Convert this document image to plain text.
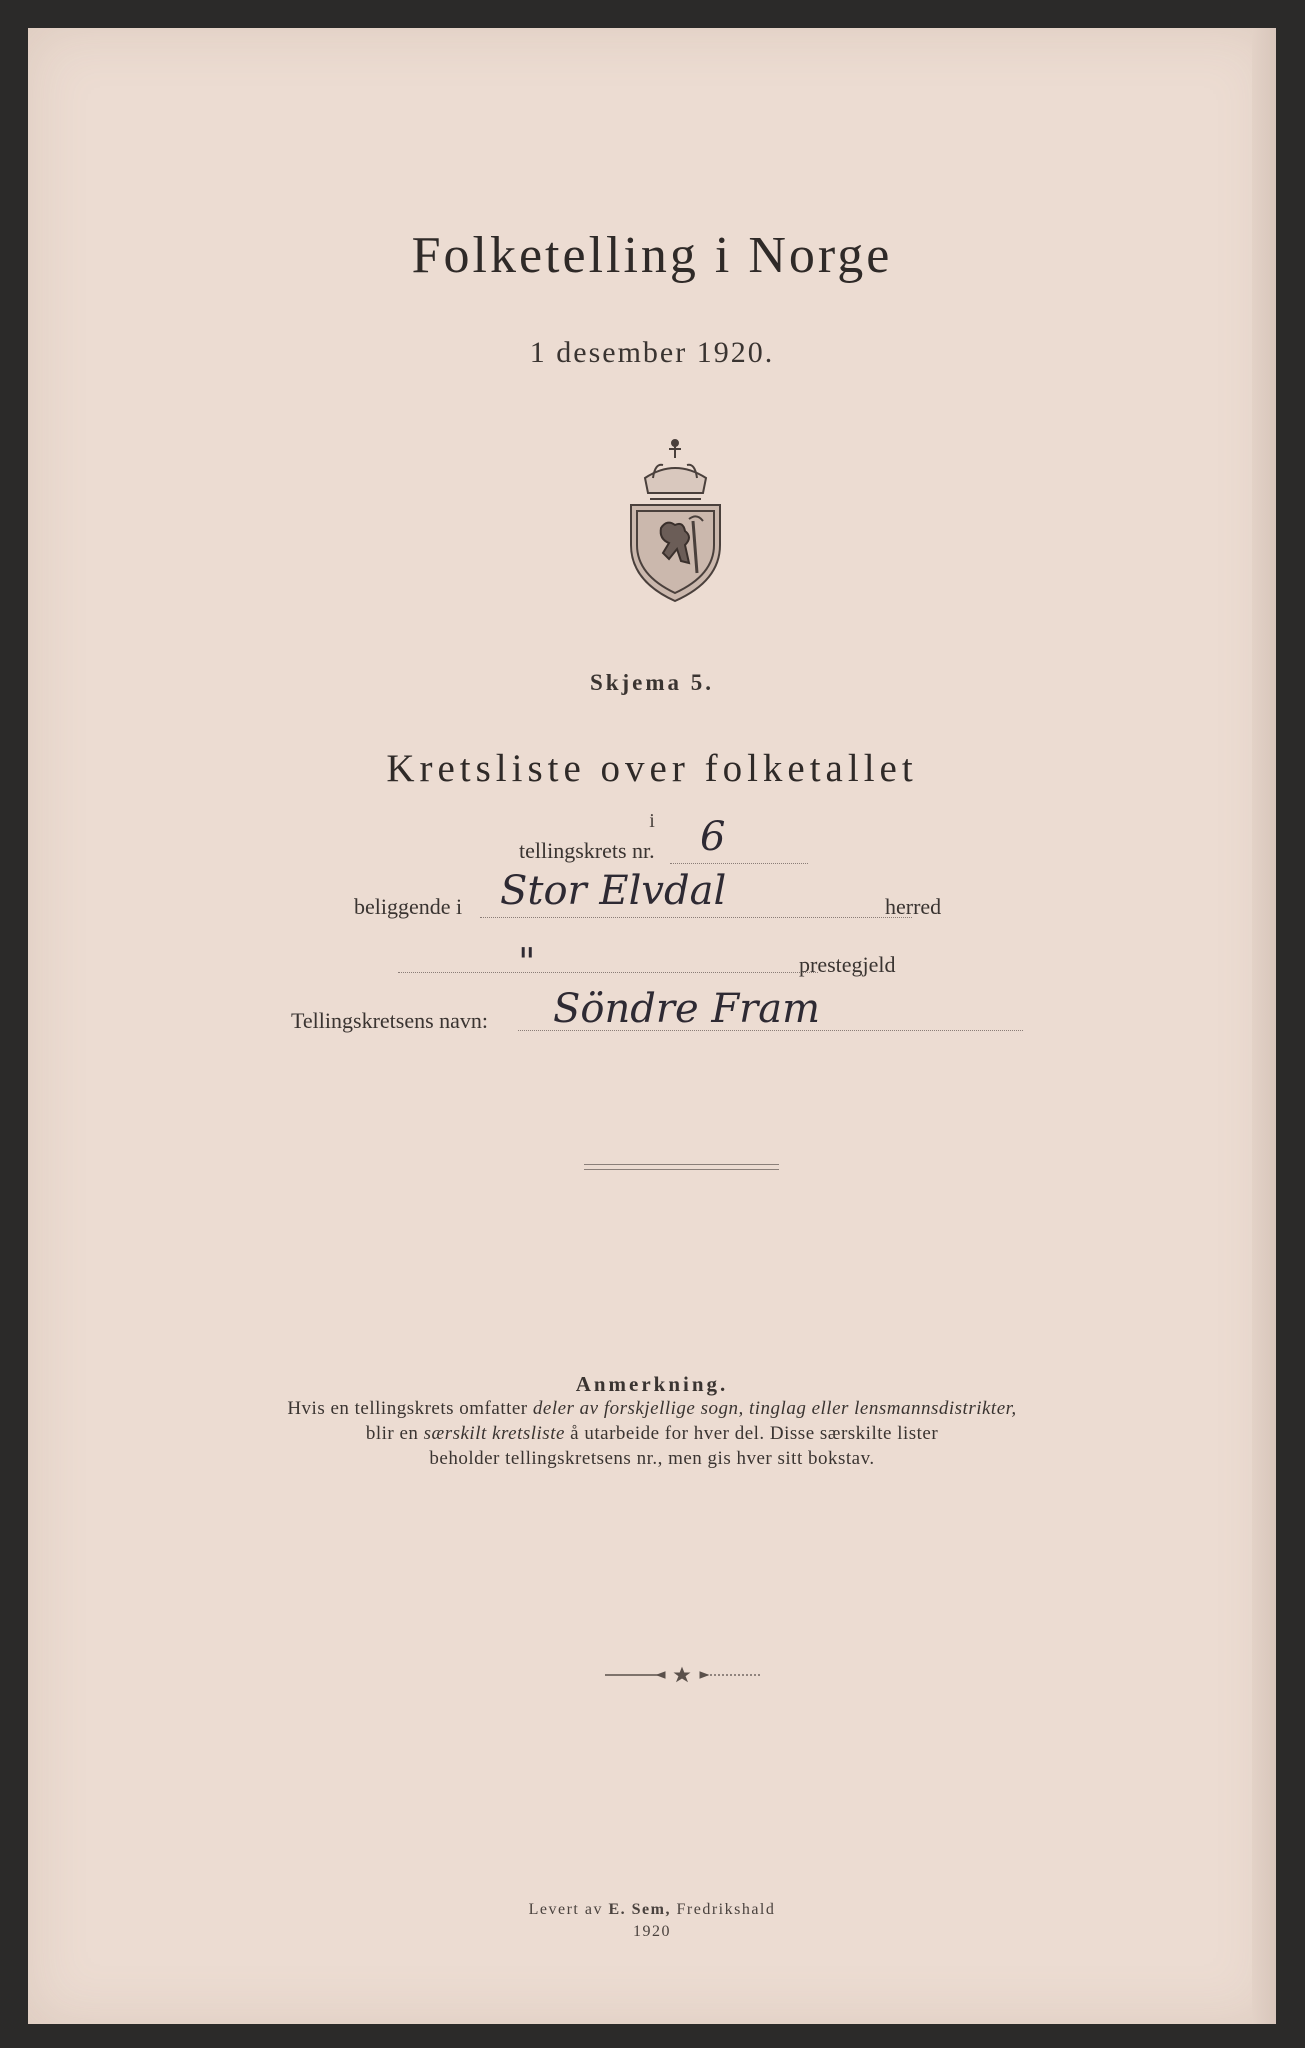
Folketelling i Norge
1 desember 1920.
Skjema 5.
Kretsliste over folketallet
i
tellingskrets nr. 6
beliggende i Stor Elvdal	herred
"	prestegjeld
Tellingskretsens navn: Söndre Fram
Anmerkning.
Hvis en tellingskrets omfatter deler av forskjellige sogn, tinglag eller lensmannsdistrikter,
blir en særskilt kretsliste å utarbeide for hver del. Disse særskilte lister
beholder tellingskretsens nr., men gis hver sitt bokstav.
Levert av E. Sem, Fredrikshald
1920
